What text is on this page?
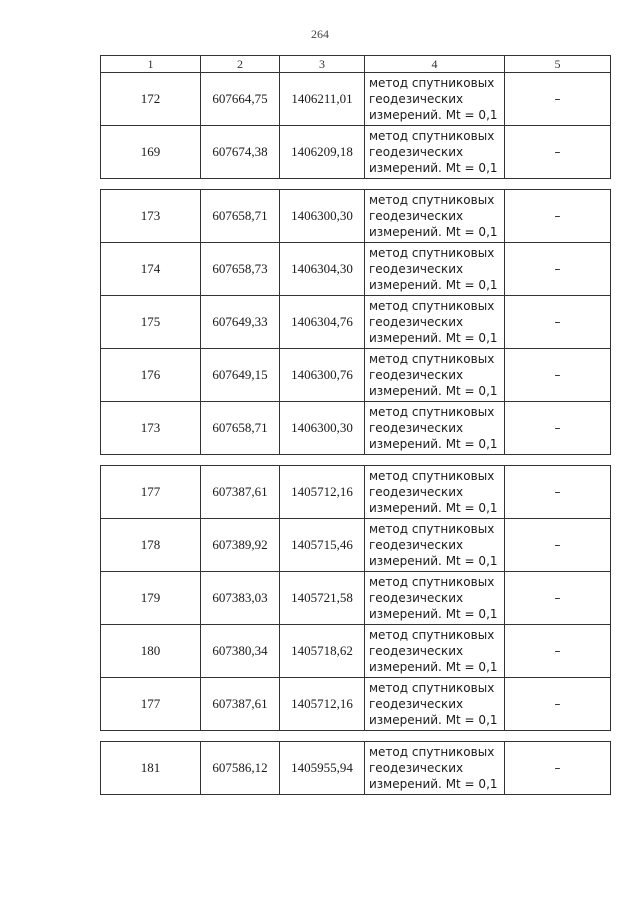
264
1	2	3	4	5
172	607664,75	1406211,01	метод спутниковых геодезических измерений. Mt = 0,1	–
169	607674,38	1406209,18	метод спутниковых геодезических измерений. Mt = 0,1	–

173	607658,71	1406300,30	метод спутниковых геодезических измерений. Mt = 0,1	–
174	607658,73	1406304,30	метод спутниковых геодезических измерений. Mt = 0,1	–
175	607649,33	1406304,76	метод спутниковых геодезических измерений. Mt = 0,1	–
176	607649,15	1406300,76	метод спутниковых геодезических измерений. Mt = 0,1	–
173	607658,71	1406300,30	метод спутниковых геодезических измерений. Mt = 0,1	–

177	607387,61	1405712,16	метод спутниковых геодезических измерений. Mt = 0,1	–
178	607389,92	1405715,46	метод спутниковых геодезических измерений. Mt = 0,1	–
179	607383,03	1405721,58	метод спутниковых геодезических измерений. Mt = 0,1	–
180	607380,34	1405718,62	метод спутниковых геодезических измерений. Mt = 0,1	–
177	607387,61	1405712,16	метод спутниковых геодезических измерений. Mt = 0,1	–

181	607586,12	1405955,94	метод спутниковых геодезических измерений. Mt = 0,1	–
